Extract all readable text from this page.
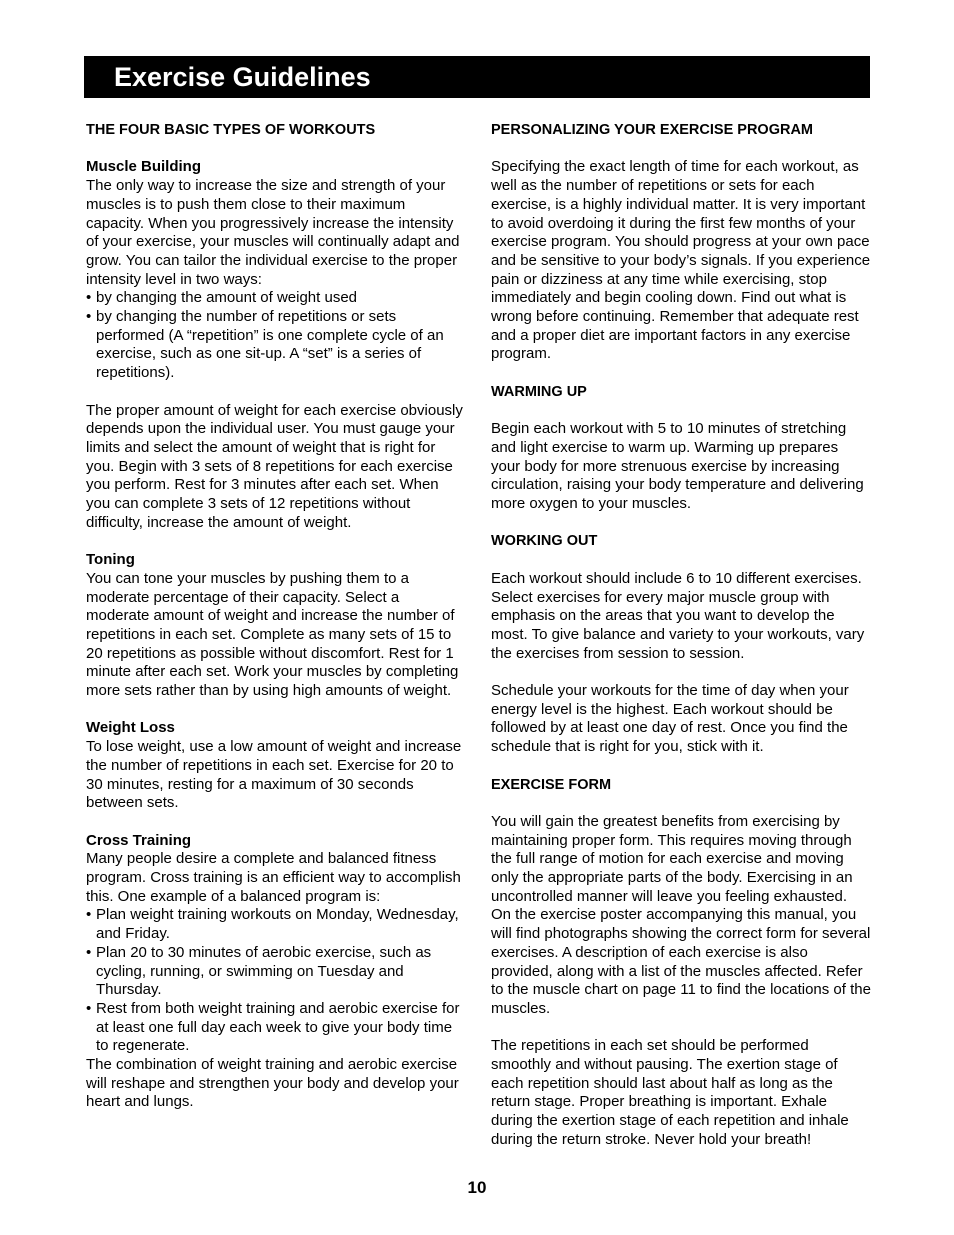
Exercise Guidelines

THE FOUR BASIC TYPES OF WORKOUTS

Muscle Building

The only way to increase the size and strength of your muscles is to push them close to their maximum capacity. When you progressively increase the intensity of your exercise, your muscles will continually adapt and grow. You can tailor the individual exercise to the proper intensity level in two ways:

• by changing the amount of weight used

• by changing the number of repetitions or sets performed (A “repetition” is one complete cycle of an exercise, such as one sit-up. A “set” is a series of repetitions).

The proper amount of weight for each exercise obviously depends upon the individual user. You must gauge your limits and select the amount of weight that is right for you. Begin with 3 sets of 8 repetitions for each exercise you perform. Rest for 3 minutes after each set. When you can complete 3 sets of 12 repetitions without difficulty, increase the amount of weight.

Toning

You can tone your muscles by pushing them to a moderate percentage of their capacity. Select a moderate amount of weight and increase the number of repetitions in each set. Complete as many sets of 15 to 20 repetitions as possible without discomfort. Rest for 1 minute after each set. Work your muscles by completing more sets rather than by using high amounts of weight.

Weight Loss

To lose weight, use a low amount of weight and increase the number of repetitions in each set. Exercise for 20 to 30 minutes, resting for a maximum of 30 seconds between sets.

Cross Training

Many people desire a complete and balanced fitness program. Cross training is an efficient way to accomplish this. One example of a balanced program is:

• Plan weight training workouts on Monday, Wednesday, and Friday.

• Plan 20 to 30 minutes of aerobic exercise, such as cycling, running, or swimming on Tuesday and Thursday.

• Rest from both weight training and aerobic exercise for at least one full day each week to give your body time to regenerate.

The combination of weight training and aerobic exercise will reshape and strengthen your body and develop your heart and lungs.

PERSONALIZING YOUR EXERCISE PROGRAM

Specifying the exact length of time for each workout, as well as the number of repetitions or sets for each exercise, is a highly individual matter. It is very important to avoid overdoing it during the first few months of your exercise program. You should progress at your own pace and be sensitive to your body’s signals. If you experience pain or dizziness at any time while exercising, stop immediately and begin cooling down. Find out what is wrong before continuing. Remember that adequate rest and a proper diet are important factors in any exercise program.

WARMING UP

Begin each workout with 5 to 10 minutes of stretching and light exercise to warm up. Warming up prepares your body for more strenuous exercise by increasing circulation, raising your body temperature and delivering more oxygen to your muscles.

WORKING OUT

Each workout should include 6 to 10 different exercises. Select exercises for every major muscle group with emphasis on the areas that you want to develop the most. To give balance and variety to your workouts, vary the exercises from session to session.

Schedule your workouts for the time of day when your energy level is the highest. Each workout should be followed by at least one day of rest. Once you find the schedule that is right for you, stick with it.

EXERCISE FORM

You will gain the greatest benefits from exercising by maintaining proper form. This requires moving through the full range of motion for each exercise and moving only the appropriate parts of the body. Exercising in an uncontrolled manner will leave you feeling exhausted. On the exercise poster accompanying this manual, you will find photographs showing the correct form for several exercises. A description of each exercise is also provided, along with a list of the muscles affected. Refer to the muscle chart on page 11 to find the locations of the muscles.

The repetitions in each set should be performed smoothly and without pausing. The exertion stage of each repetition should last about half as long as the return stage. Proper breathing is important. Exhale during the exertion stage of each repetition and inhale during the return stroke. Never hold your breath!

10
